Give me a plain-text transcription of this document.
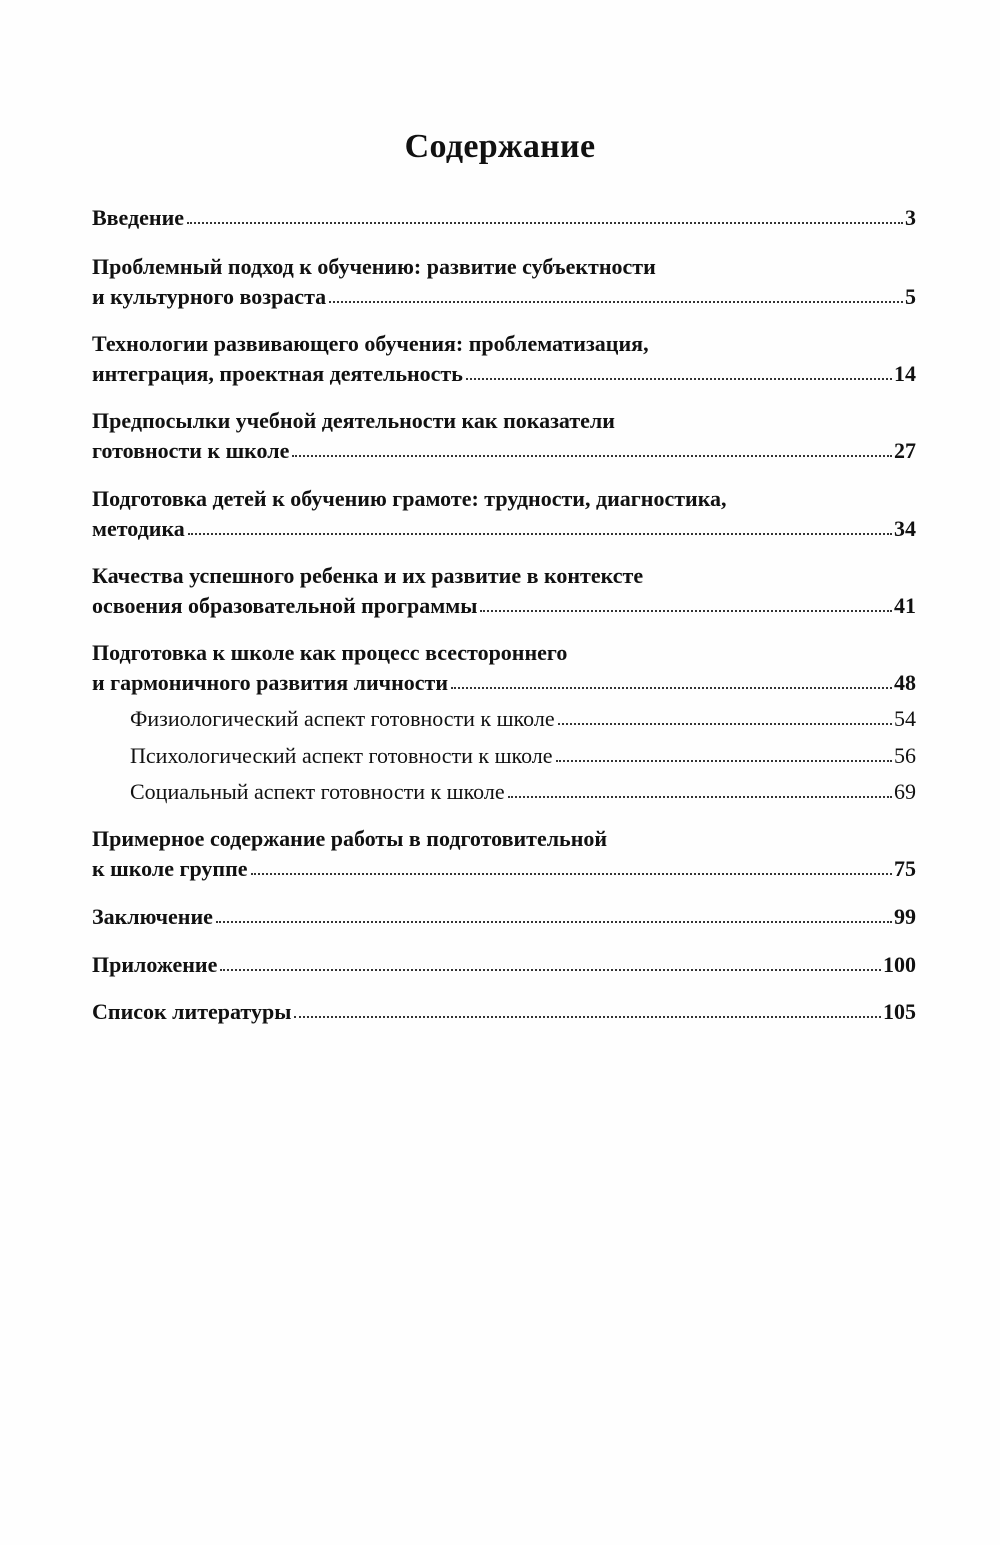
Содержание
Введение	3
Проблемный подход к обучению: развитие субъектности
и культурного возраста	5
Технологии развивающего обучения: проблематизация,
интеграция, проектная деятельность	14
Предпосылки учебной деятельности как показатели
готовности к школе	27
Подготовка детей к обучению грамоте: трудности, диагностика,
методика	34
Качества успешного ребенка и их развитие в контексте
освоения образовательной программы	41
Подготовка к школе как процесс всестороннего
и гармоничного развития личности	48
Физиологический аспект готовности к школе	54
Психологический аспект готовности к школе	56
Социальный аспект готовности к школе	69
Примерное содержание работы в подготовительной
к школе группе	75
Заключение	99
Приложение	100
Список литературы	105
